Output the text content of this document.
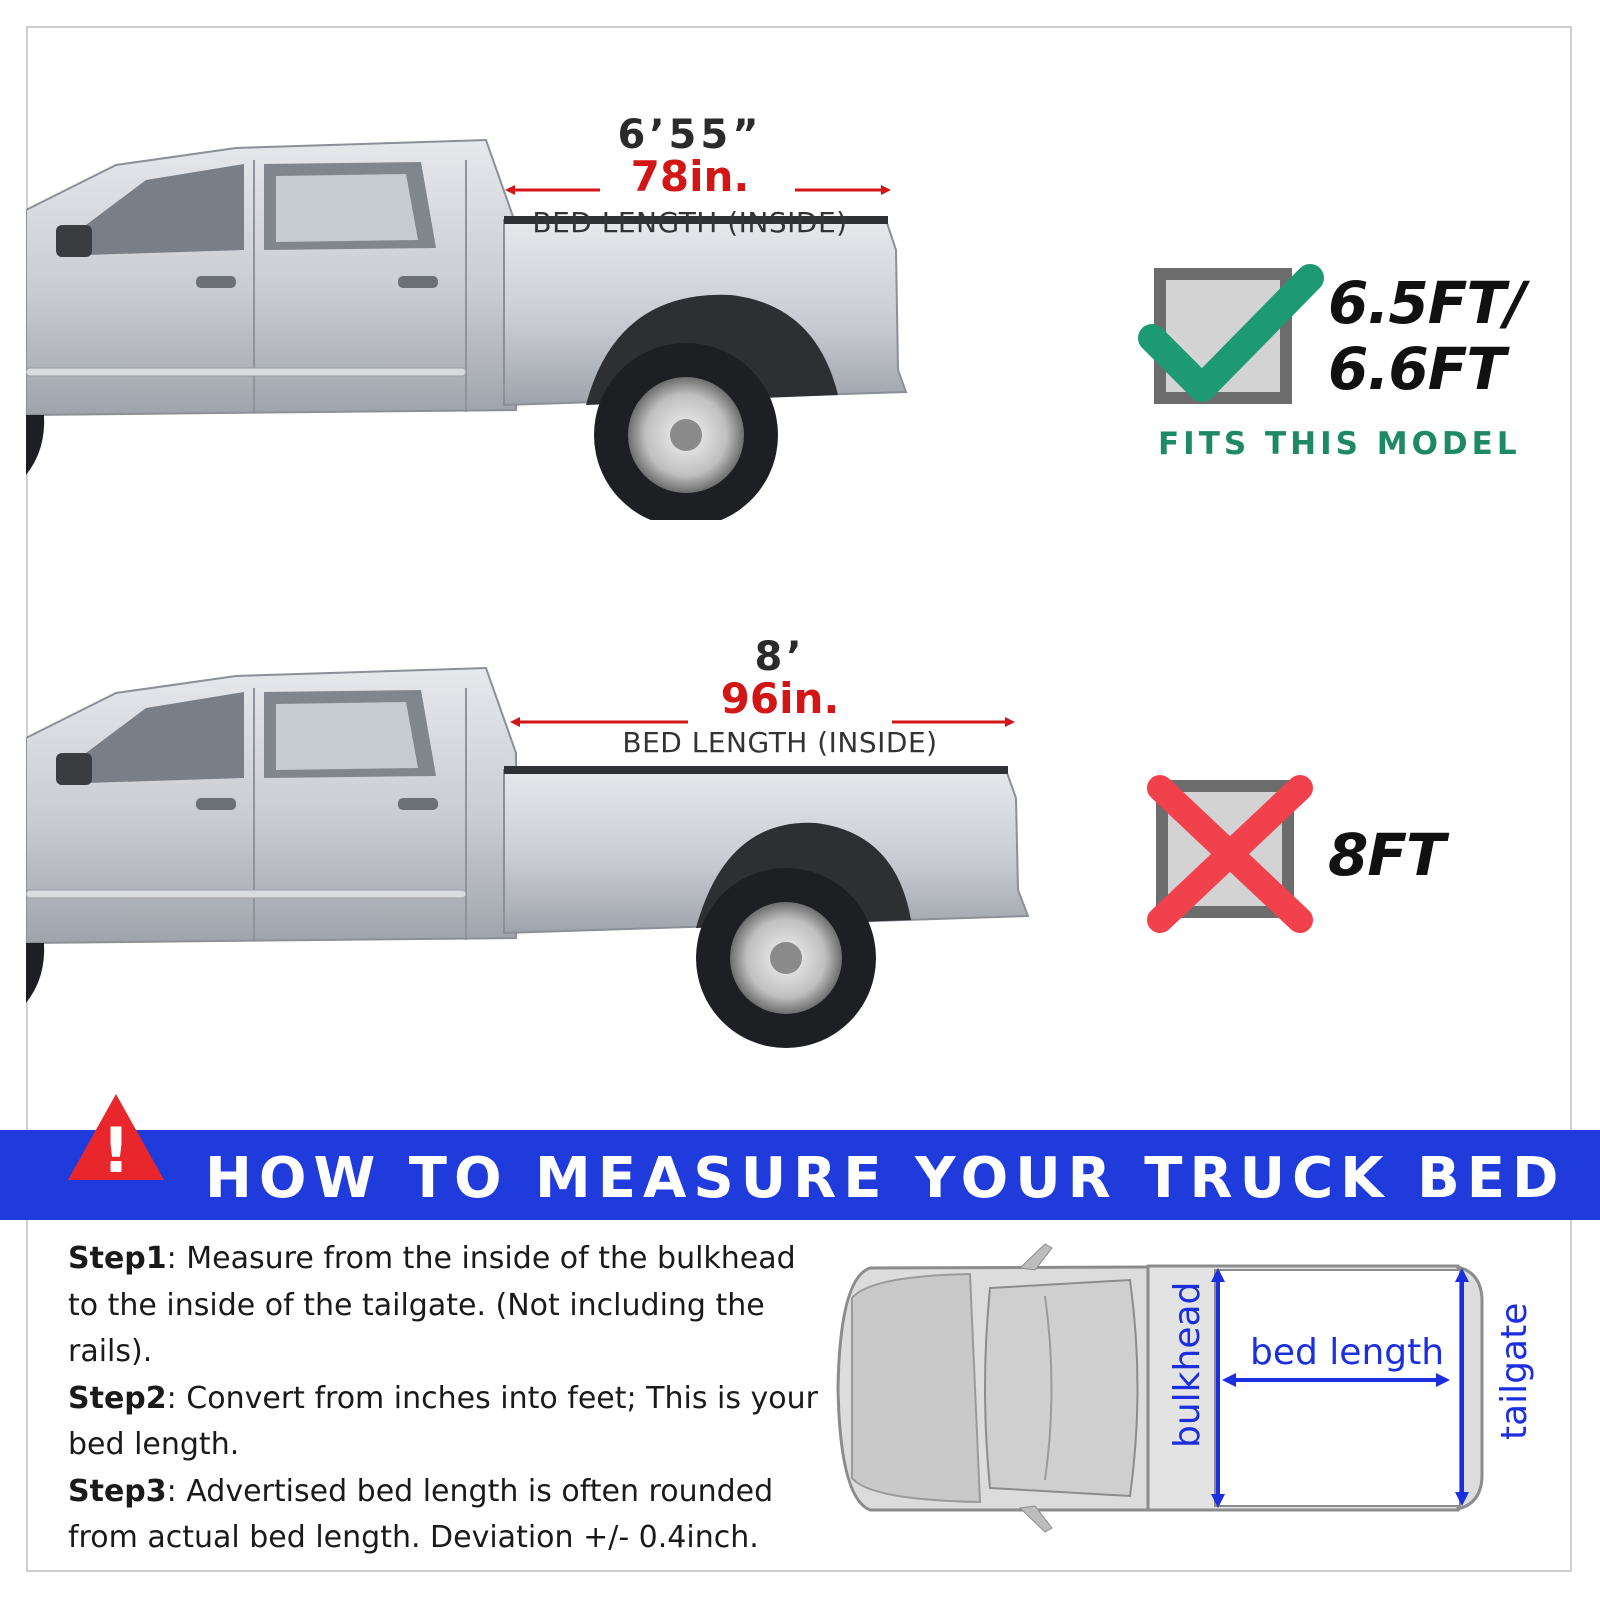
6’55”
78in.
BED LENGTH (INSIDE)
6.5FT/
6.6FT
FITS THIS MODEL
8’
96in.
BED LENGTH (INSIDE)
8FT
! HOW TO MEASURE YOUR TRUCK BED

Step1: Measure from the inside of the bulkhead to the inside of the tailgate. (Not including the rails).

Step2: Convert from inches into feet; This is your bed length.

Step3: Advertised bed length is often rounded from actual bed length. Deviation +/- 0.4inch.

bed length
bulkhead	tailgate
